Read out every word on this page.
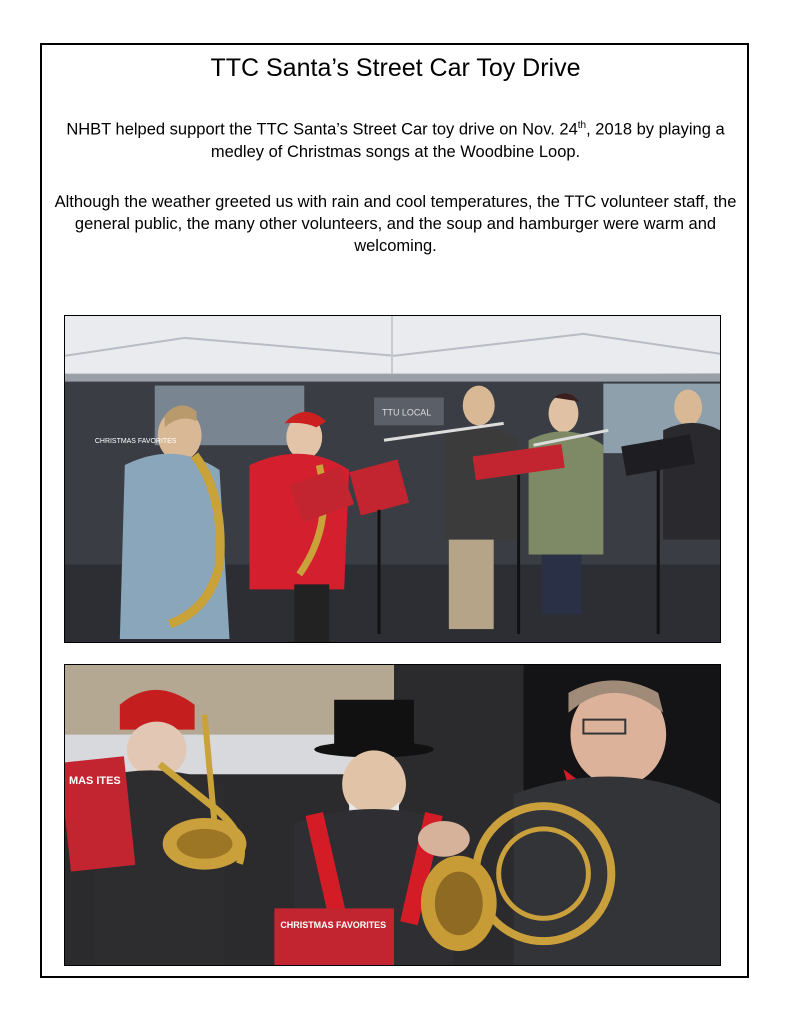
TTC Santa’s Street Car Toy Drive
NHBT helped support the TTC Santa’s Street Car toy drive on Nov. 24th, 2018 by playing a medley of Christmas songs at the Woodbine Loop.
Although the weather greeted us with rain and cool temperatures, the TTC volunteer staff, the general public, the many other volunteers, and the soup and hamburger were warm and welcoming.
TTU LOCAL
CHRISTMAS FAVORITES
MAS ITES
CHRISTMAS FAVORITES
